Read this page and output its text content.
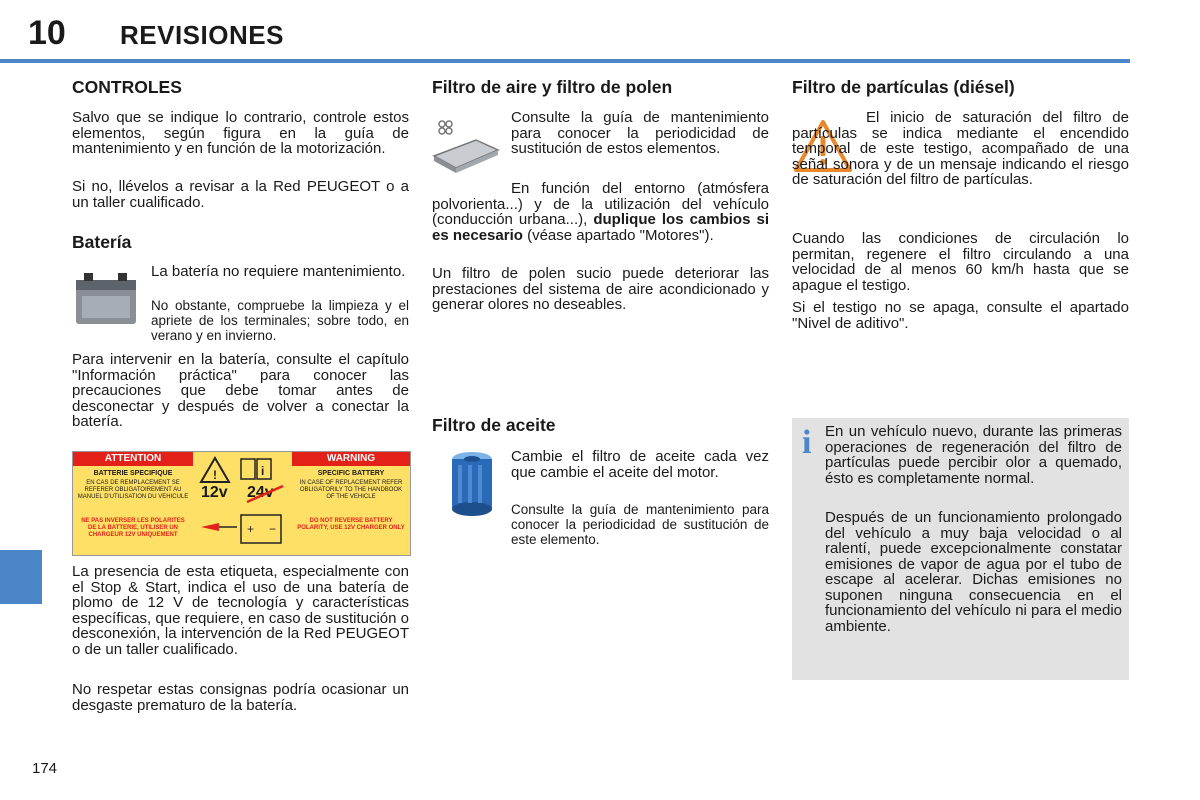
10 REVISIONES
174
CONTROLES

Salvo que se indique lo contrario, controle estos elementos, según figura en la guía de mantenimiento y en función de la motorización.

Si no, llévelos a revisar a la Red PEUGEOT o a un taller cualificado.

Batería

La batería no requiere mantenimiento.

No obstante, compruebe la limpieza y el apriete de los terminales; sobre todo, en verano y en invierno.

Para intervenir en la batería, consulte el capítulo "Información práctica" para conocer las precauciones que debe tomar antes de desconectar y después de volver a conectar la batería.

ATTENTION	WARNING
BATTERIE SPECIFIQUE
EN CAS DE REMPLACEMENT SE REFERER OBLIGATOIREMENT AU MANUEL D'UTILISATION DU VEHICULE
NE PAS INVERSER LES POLARITES DE LA BATTERIE, UTILISER UN CHARGEUR 12V UNIQUEMENT
SPECIFIC BATTERY
IN CASE OF REPLACEMENT REFER OBLIGATORILY TO THE HANDBOOK OF THE VEHICLE
DO NOT REVERSE BATTERY POLARITY, USE 12V CHARGER ONLY
!	i
12v 24v
+ −

La presencia de esta etiqueta, especialmente con el Stop & Start, indica el uso de una batería de plomo de 12 V de tecnología y características específicas, que requiere, en caso de sustitución o desconexión, la intervención de la Red PEUGEOT o de un taller cualificado.

No respetar estas consignas podría ocasionar un desgaste prematuro de la batería.

Filtro de aire y filtro de polen

Consulte la guía de mantenimiento para conocer la periodicidad de sustitución de estos elementos.

En función del entorno (atmósfera polvorienta...) y de la utilización del vehículo (conducción urbana...), duplique los cambios si es necesario (véase apartado "Motores").

Un filtro de polen sucio puede deteriorar las prestaciones del sistema de aire acondicionado y generar olores no deseables.

Filtro de aceite

Cambie el filtro de aceite cada vez que cambie el aceite del motor.

Consulte la guía de mantenimiento para conocer la periodicidad de sustitución de este elemento.

Filtro de partículas (diésel)

El inicio de saturación del filtro de partículas se indica mediante el encendido temporal de este testigo, acompañado de una señal sonora y de un mensaje indicando el riesgo de saturación del filtro de partículas.

Cuando las condiciones de circulación lo permitan, regenere el filtro circulando a una velocidad de al menos 60 km/h hasta que se apague el testigo.

Si el testigo no se apaga, consulte el apartado "Nivel de aditivo".

i En un vehículo nuevo, durante las primeras operaciones de regeneración del filtro de partículas puede percibir olor a quemado, ésto es completamente normal.

Después de un funcionamiento prolongado del vehículo a muy baja velocidad o al ralentí, puede excepcionalmente constatar emisiones de vapor de agua por el tubo de escape al acelerar. Dichas emisiones no suponen ninguna consecuencia en el funcionamiento del vehículo ni para el medio ambiente.
